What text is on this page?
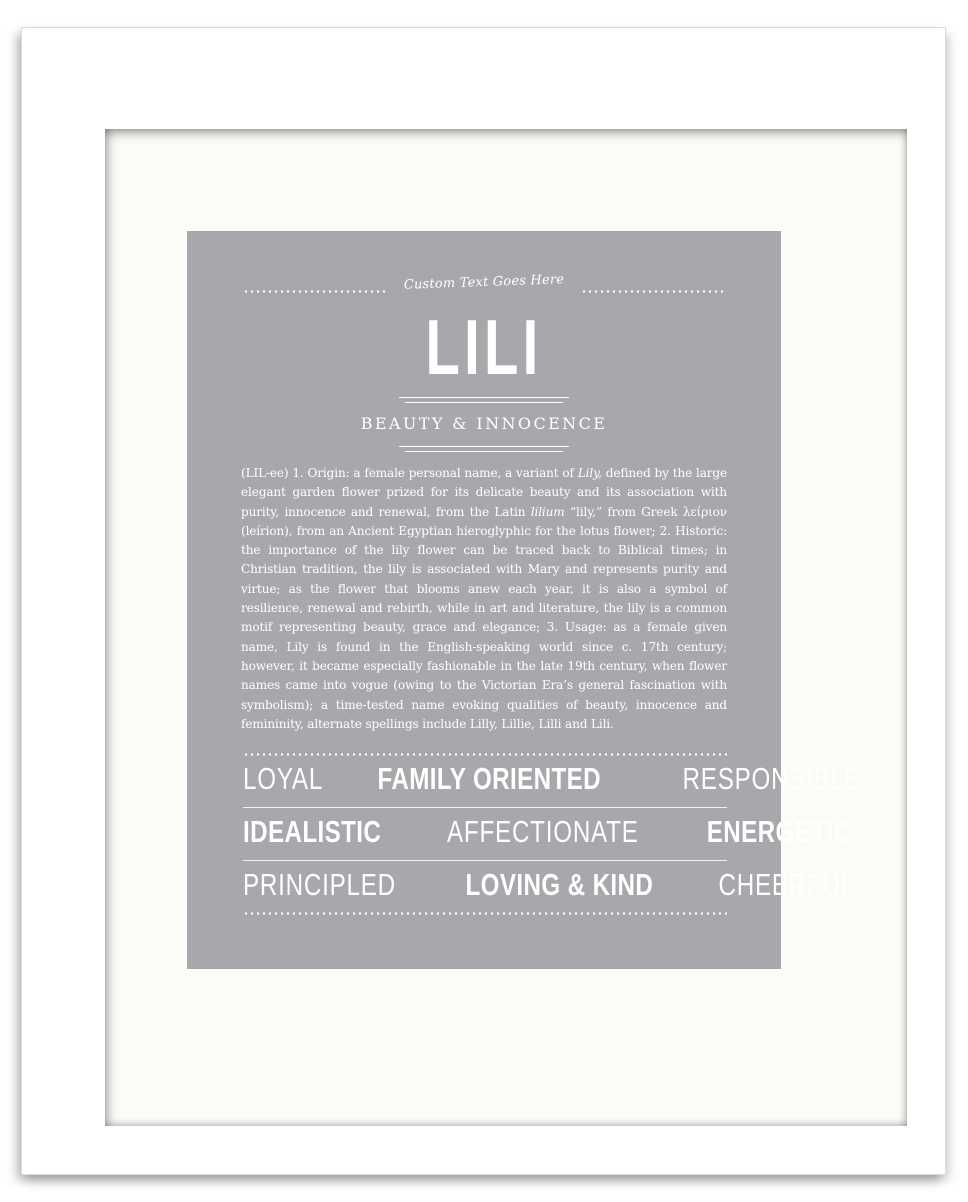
Custom Text Goes Here
LILI
BEAUTY & INNOCENCE
(LIL-ee) 1. Origin: a female personal name, a variant of Lily, defined by the large elegant garden flower prized for its delicate beauty and its association with purity, innocence and renewal, from the Latin lilium “lily,” from Greek λείριον (leírion), from an Ancient Egyptian hieroglyphic for the lotus flower; 2. Historic: the importance of the lily flower can be traced back to Biblical times; in Christian tradition, the lily is associated with Mary and represents purity and virtue; as the flower that blooms anew each year, it is also a symbol of resilience, renewal and rebirth, while in art and literature, the lily is a common motif representing beauty, grace and elegance; 3. Usage: as a female given name, Lily is found in the English-speaking world since c. 17th century; however, it became especially fashionable in the late 19th century, when flower names came into vogue (owing to the Victorian Era’s general fascination with symbolism); a time-tested name evoking qualities of beauty, innocence and femininity, alternate spellings include Lilly, Lillie, Lilli and Lili.
LOYAL FAMILY ORIENTED	RESPONSIBLE
IDEALISTIC AFFECTIONATE ENERGETIC
PRINCIPLED LOVING & KIND CHEERFUL
